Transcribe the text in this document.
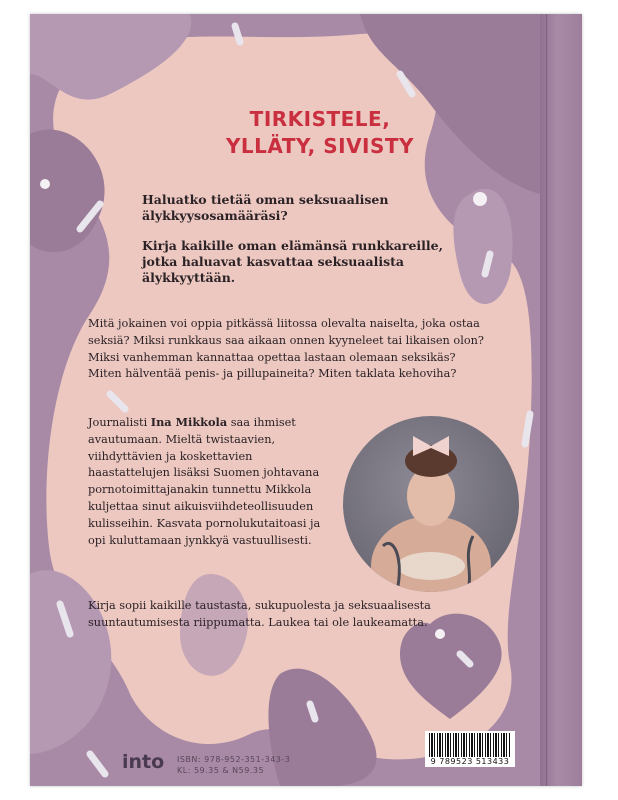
TIRKISTELE,
YLLÄTY, SIVISTY

Haluatko tietää oman seksuaalisen älykkyysosamääräsi?

Kirja kaikille oman elämänsä runkkareille, jotka haluavat kasvattaa seksuaalista älykkyyttään.

Mitä jokainen voi oppia pitkässä liitossa olevalta naiselta, joka ostaa seksiä? Miksi runkkaus saa aikaan onnen kyyneleet tai likaisen olon? Miksi vanhemman kannattaa opettaa lastaan olemaan seksikäs? Miten hälventää penis- ja pillupaineita? Miten taklata kehoviha?
Journalisti Ina Mikkola saa ihmiset avautumaan. Mieltä twistaavien, viihdyttävien ja koskettavien haastattelujen lisäksi Suomen johtavana pornotoimittajanakin tunnettu Mikkola kuljettaa sinut aikuisviihdeteollisuuden kulisseihin. Kasvata pornolukutaitoasi ja opi kuluttamaan jynkkyä vastuullisesti.
Kirja sopii kaikille taustasta, sukupuolesta ja seksuaalisesta suuntautumisesta riippumatta. Laukea tai ole laukeamatta.
into ISBN: 978-952-351-343-3
KL: 59.35 & N59.35
9 789523 513433
